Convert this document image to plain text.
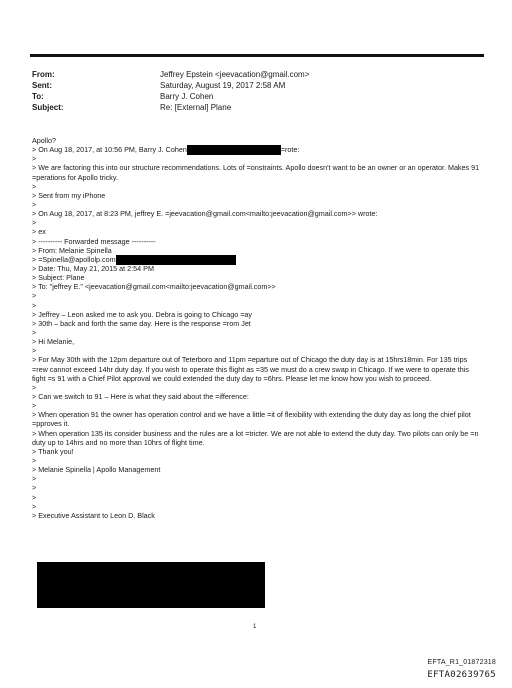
From:	Jeffrey Epstein <jeevacation@gmail.com>
Sent:	Saturday, August 19, 2017 2:58 AM
To:	Barry J. Cohen
Subject:	Re: [External] Plane
Apollo?
> On Aug 18, 2017, at 10:56 PM, Barry J. Cohen	=rote:
>
> We are factoring this into our structure recommendations. Lots of =onstraints. Apollo doesn't want to be an owner or an operator. Makes 91 =perations for Apollo tricky.
>
> Sent from my iPhone
>
> On Aug 18, 2017, at 8:23 PM, jeffrey E. =jeevacation@gmail.com<mailto:jeevacation@gmail.com>> wrote:
>
> ex
> ---------- Forwarded message ----------
> From: Melanie Spinella
> =Spinella@apollolp.com
> Date: Thu, May 21, 2015 at 2:54 PM
> Subject: Plane
> To: "jeffrey E." <jeevacation@gmail.com<mailto:jeevacation@gmail.com>>
>
>
> Jeffrey – Leon asked me to ask you. Debra is going to Chicago =ay
> 30th – back and forth the same day. Here is the response =rom Jet
>
> Hi Melanie,
>
> For May 30th with the 12pm departure out of Teterboro and 11pm =eparture out of Chicago the duty day is at 15hrs18min. For 135 trips =rew cannot exceed 14hr duty day. If you wish to operate this flight as =35 we must do a crew swap in Chicago. If we were to operate this fight =s 91 with a Chief Pilot approval we could extended the duty day to =6hrs. Please let me know how you wish to proceed.
>
> Can we switch to 91 – Here is what they said about the =ifference:
>
> When operation 91 the owner has operation control and we have a little =it of flexibility with extending the duty day as long the chief pilot =pproves it.
> When operation 135 its consider business and the rules are a lot =tricter. We are not able to extend the duty day. Two pilots can only be =n duty up to 14hrs and no more than 10hrs of flight time.
> Thank you!
>
> Melanie Spinella | Apollo Management
>
>
>
>
> Executive Assistant to Leon D. Black
1
EFTA_R1_01872318
EFTA02639765
